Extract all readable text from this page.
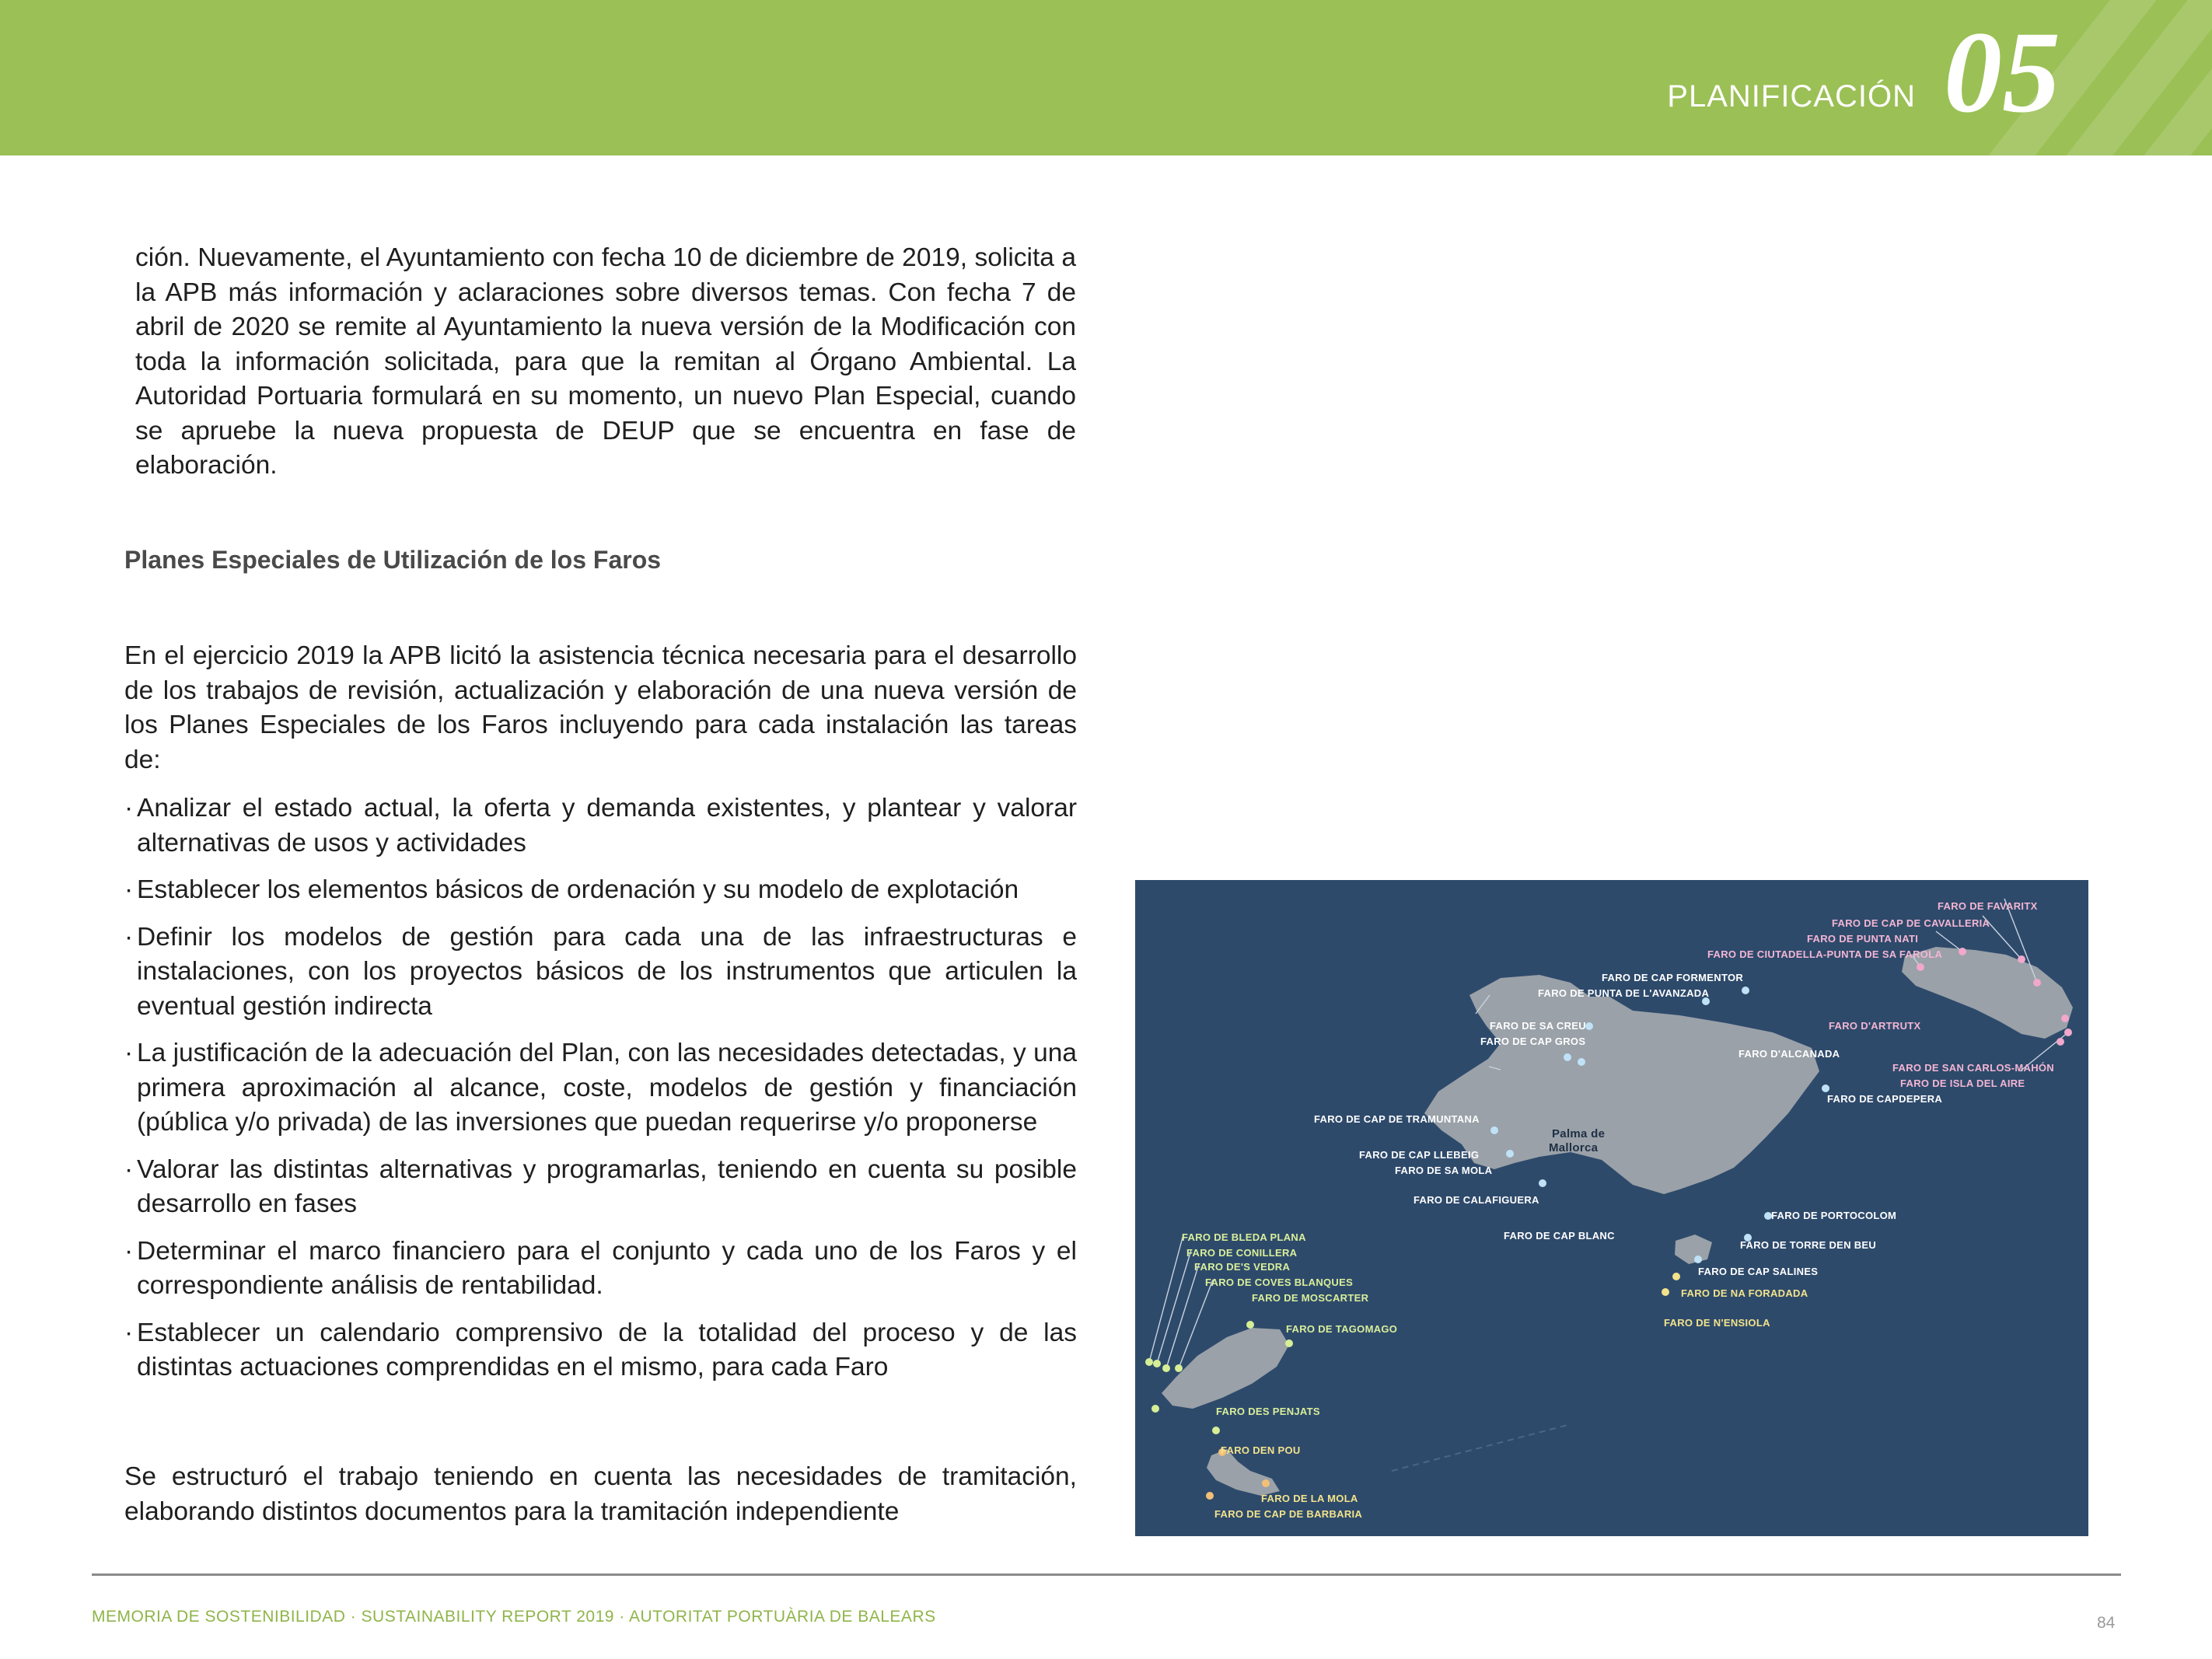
PLANIFICACIÓN 05

ción. Nuevamente, el Ayuntamiento con fecha 10 de diciembre de 2019, solicita a la APB más información y aclaraciones sobre diversos temas. Con fecha 7 de abril de 2020 se remite al Ayuntamiento la nueva versión de la Modificación con toda la información solicitada, para que la remitan al Órgano Ambiental. La Autoridad Portuaria formulará en su momento, un nuevo Plan Especial, cuando se apruebe la nueva propuesta de DEUP que se encuentra en fase de elaboración.

Planes Especiales de Utilización de los Faros

En el ejercicio 2019 la APB licitó la asistencia técnica necesaria para el desarrollo de los trabajos de revisión, actualización y elaboración de una nueva versión de los Planes Especiales de los Faros incluyendo para cada instalación las tareas de:

· Analizar el estado actual, la oferta y demanda existentes, y plantear y valorar alternativas de usos y actividades
· Establecer los elementos básicos de ordenación y su modelo de explotación
· Definir los modelos de gestión para cada una de las infraestructuras e instalaciones, con los proyectos básicos de los instrumentos que articulen la eventual gestión indirecta
· La justificación de la adecuación del Plan, con las necesidades detectadas, y una primera aproximación al alcance, coste, modelos de gestión y financiación (pública y/o privada) de las inversiones que puedan requerirse y/o proponerse
· Valorar las distintas alternativas y programarlas, teniendo en cuenta su posible desarrollo en fases
· Determinar el marco financiero para el conjunto y cada uno de los Faros y el correspondiente análisis de rentabilidad.
· Establecer un calendario comprensivo de la totalidad del proceso y de las distintas actuaciones comprendidas en el mismo, para cada Faro

Se estructuró el trabajo teniendo en cuenta las necesidades de tramitación, elaborando distintos documentos para la tramitación independiente

FARO DE FAVARITX
FARO DE CAP DE CAVALLERIA
FARO DE PUNTA NATI
FARO DE CIUTADELLA-PUNTA DE SA FAROLA
FARO D'ARTRUTX
FARO DE SAN CARLOS-MAHÓN
FARO DE ISLA DEL AIRE
FARO DE CAP FORMENTOR
FARO DE PUNTA DE L'AVANZADA
FARO DE SA CREU
FARO DE CAP GROS
FARO D'ALCANADA
FARO DE CAPDEPERA
FARO DE CAP DE TRAMUNTANA
FARO DE CAP LLEBEIG
FARO DE SA MOLA
FARO DE CALAFIGUERA
FARO DE CAP BLANC
FARO DE PORTOCOLOM
FARO DE TORRE DEN BEU
FARO DE CAP SALINES
FARO DE NA FORADADA
FARO DE N'ENSIOLA
Palma de
Mallorca
FARO DE BLEDA PLANA
FARO DE CONILLERA
FARO DE'S VEDRA
FARO DE COVES BLANQUES
FARO DE MOSCARTER
FARO DE TAGOMAGO
FARO DES PENJATS
FARO DEN POU
FARO DE LA MOLA
FARO DE CAP DE BARBARIA
MEMORIA DE SOSTENIBILIDAD · SUSTAINABILITY REPORT 2019 · AUTORITAT PORTUÀRIA DE BALEARS	84
